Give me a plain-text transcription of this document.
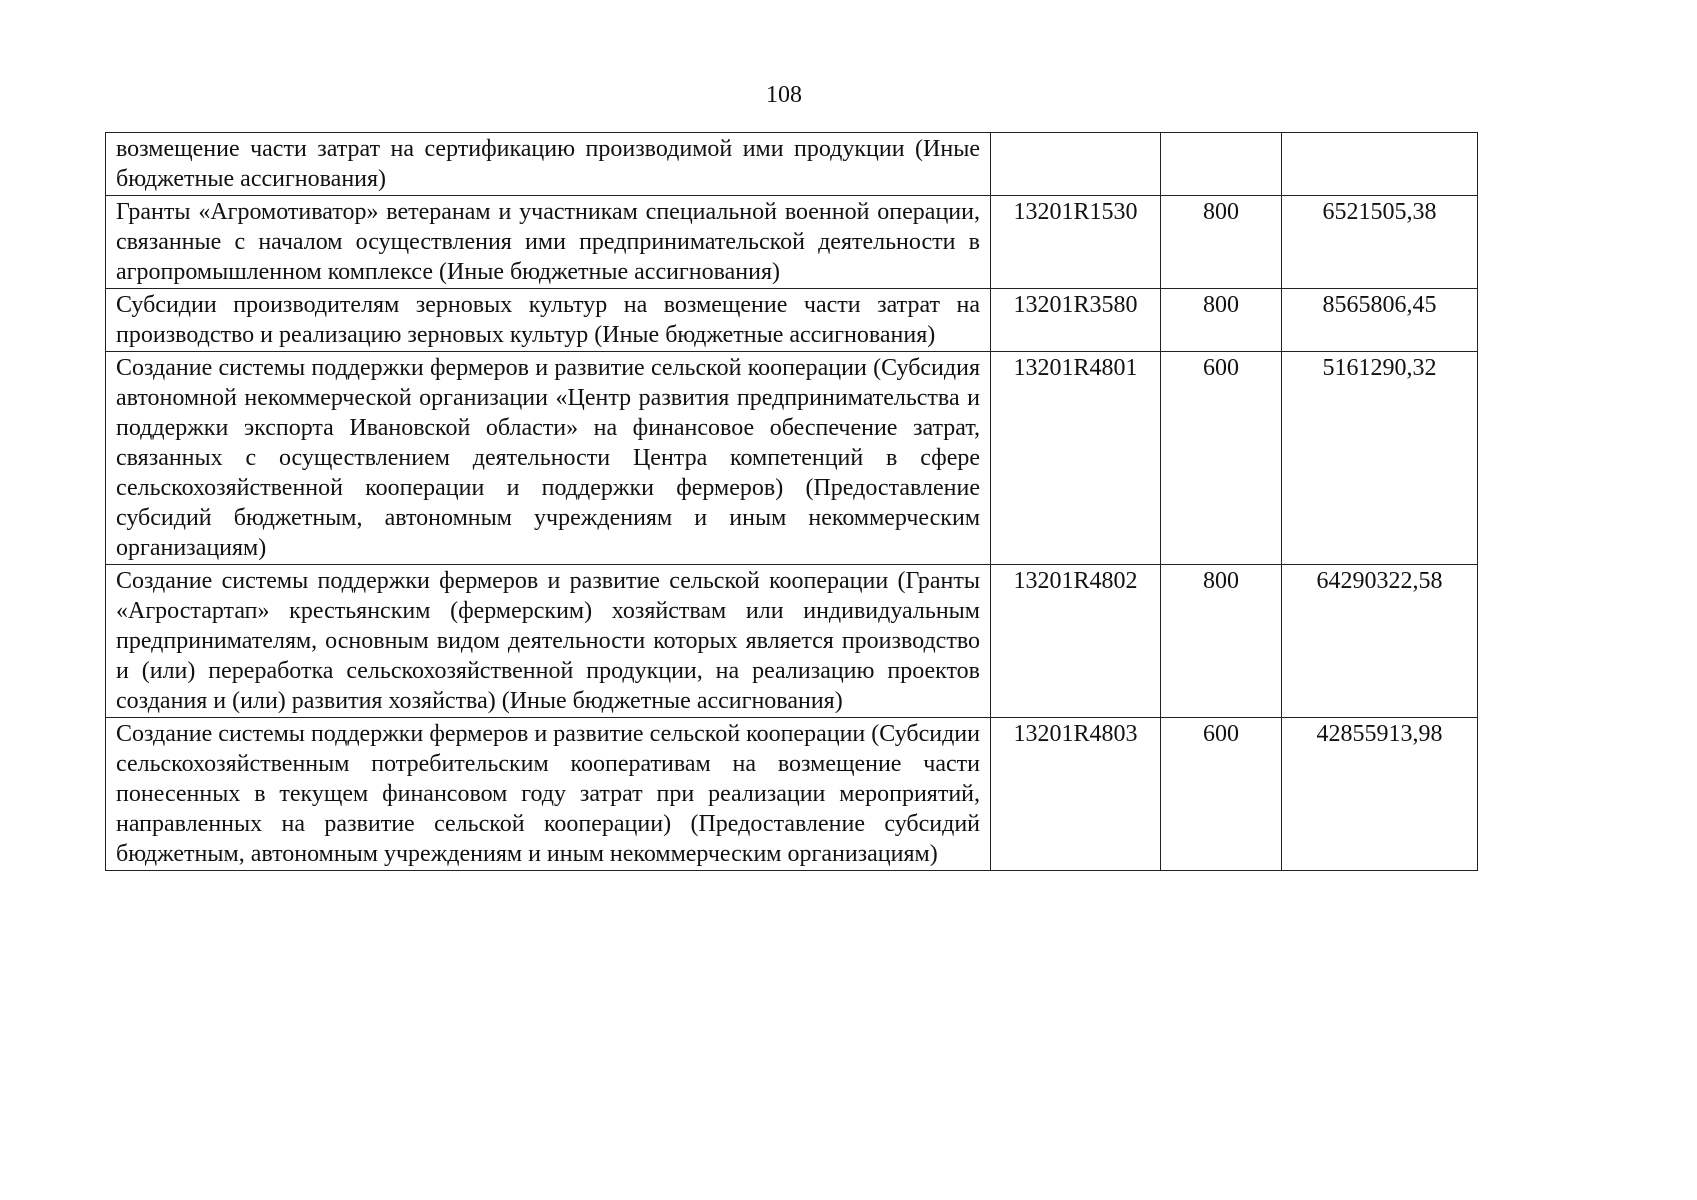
108
возмещение части затрат на сертификацию производимой ими продукции (Иные бюджетные ассигнования)			
Гранты «Агромотиватор» ветеранам и участникам специальной военной операции, связанные с началом осуществления ими предпринимательской деятельности в агропромышленном комплексе (Иные бюджетные ассигнования)	13201R1530	800	6521505,38
Субсидии производителям зерновых культур на возмещение части затрат на производство и реализацию зерновых культур (Иные бюджетные ассигнования)	13201R3580	800	8565806,45
Создание системы поддержки фермеров и развитие сельской кооперации (Субсидия автономной некоммерческой организации «Центр развития предпринимательства и поддержки экспорта Ивановской области» на финансовое обеспечение затрат, связанных с осуществлением деятельности Центра компетенций в сфере сельскохозяйственной кооперации и поддержки фермеров) (Предоставление субсидий бюджетным, автономным учреждениям и иным некоммерческим организациям)	13201R4801	600	5161290,32
Создание системы поддержки фермеров и развитие сельской кооперации (Гранты «Агростартап» крестьянским (фермерским) хозяйствам или индивидуальным предпринимателям, основным видом деятельности которых является производство и (или) переработка сельскохозяйственной продукции, на реализацию проектов создания и (или) развития хозяйства) (Иные бюджетные ассигнования)	13201R4802	800	64290322,58
Создание системы поддержки фермеров и развитие сельской кооперации (Субсидии сельскохозяйственным потребительским кооперативам на возмещение части понесенных в текущем финансовом году затрат при реализации мероприятий, направленных на развитие сельской кооперации) (Предоставление субсидий бюджетным, автономным учреждениям и иным некоммерческим организациям)	13201R4803	600	42855913,98
